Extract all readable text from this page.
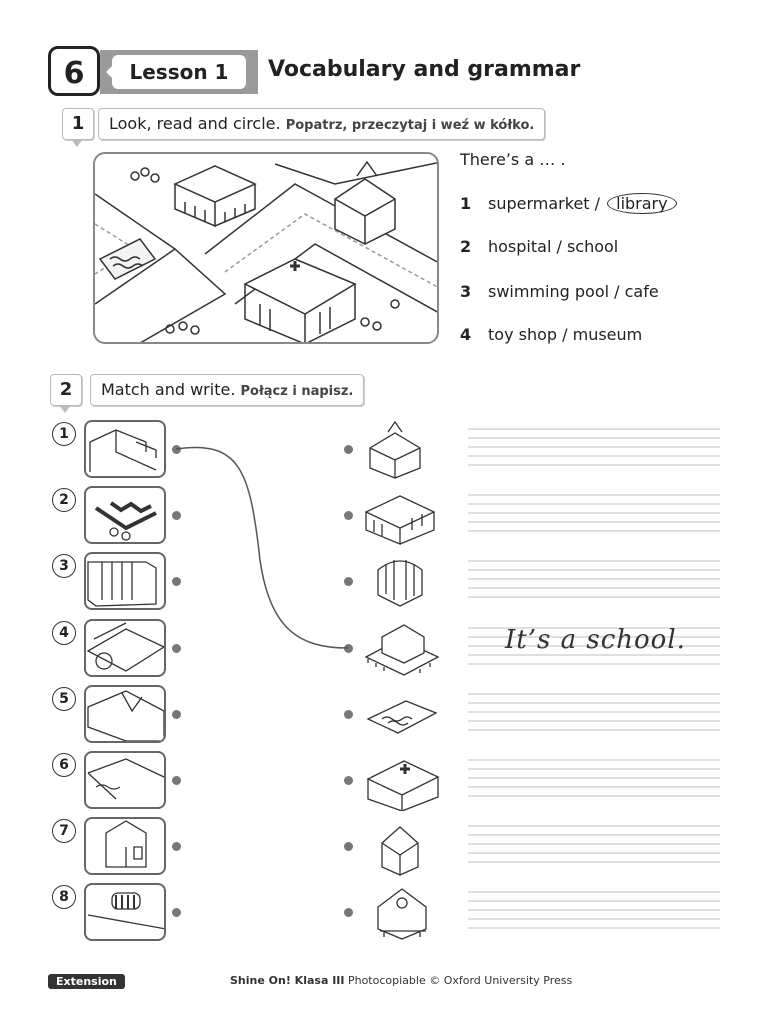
Lesson 1
6	Vocabulary and grammar
1	Look, read and circle. Popatrz, przeczytaj i weź w kółko.
There’s a … .
1 supermarket / library
2 hospital / school
3 swimming pool / cafe
4 toy shop / museum
2	Match and write. Połącz i napisz.
1
2
3
4
5
6
7
8
It’s a school.
Extension	Shine On! Klasa III Photocopiable © Oxford University Press
